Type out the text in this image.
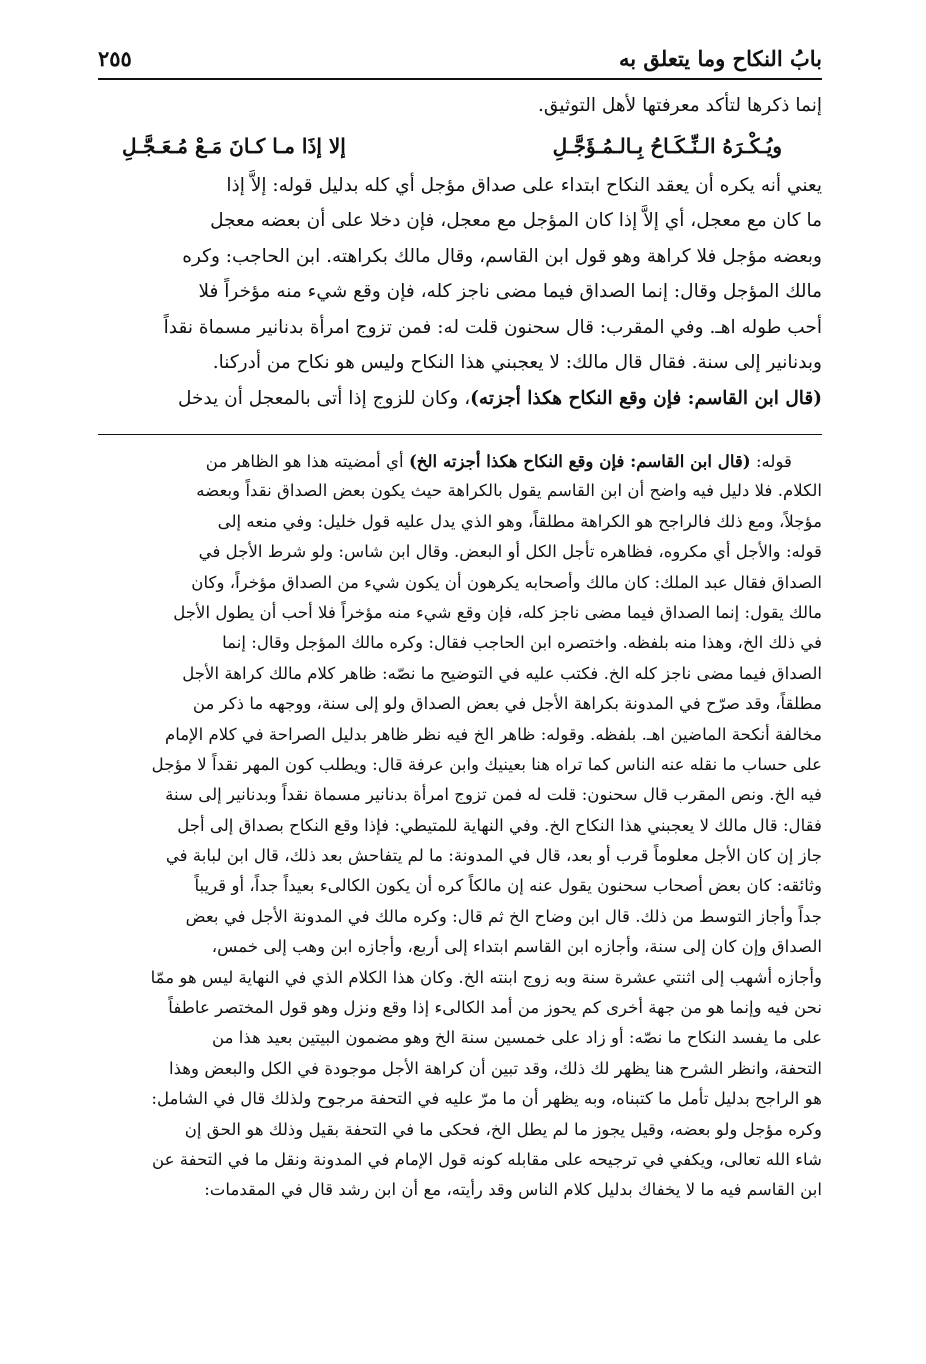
بابُ النكاح وما يتعلق به
٢٥٥
إنما ذكرها لتأكد معرفتها لأهل التوثيق.
ويُـكْـرَهُ الـنِّـكَـاحُ بِـالـمُـؤَجَّـلِ
إلا إذَا مـا كـانَ مَـعْ مُـعَـجَّـلِ
يعني أنه يكره أن يعقد النكاح ابتداء على صداق مؤجل أي كله بدليل قوله: إلاَّ إذا
ما كان مع معجل، أي إلاَّ إذا كان المؤجل مع معجل، فإن دخلا على أن بعضه معجل
وبعضه مؤجل فلا كراهة وهو قول ابن القاسم، وقال مالك بكراهته. ابن الحاجب: وكره
مالك المؤجل وقال: إنما الصداق فيما مضى ناجز كله، فإن وقع شيء منه مؤخراً فلا
أحب طوله اهـ. وفي المقرب: قال سحنون قلت له: فمن تزوج امرأة بدنانير مسماة نقداً
وبدنانير إلى سنة. فقال قال مالك: لا يعجبني هذا النكاح وليس هو نكاح من أدركنا.
(قال ابن القاسم: فإن وقع النكاح هكذا أجزته)، وكان للزوج إذا أتى بالمعجل أن يدخل
قوله: (قال ابن القاسم: فإن وقع النكاح هكذا أجزته الخ) أي أمضيته هذا هو الظاهر من
الكلام. فلا دليل فيه واضح أن ابن القاسم يقول بالكراهة حيث يكون بعض الصداق نقداً وبعضه
مؤجلاً، ومع ذلك فالراجح هو الكراهة مطلقاً، وهو الذي يدل عليه قول خليل: وفي منعه إلى
قوله: والأجل أي مكروه، فظاهره تأجل الكل أو البعض. وقال ابن شاس: ولو شرط الأجل في
الصداق فقال عبد الملك: كان مالك وأصحابه يكرهون أن يكون شيء من الصداق مؤخراً، وكان
مالك يقول: إنما الصداق فيما مضى ناجز كله، فإن وقع شيء منه مؤخراً فلا أحب أن يطول الأجل
في ذلك الخ، وهذا منه بلفظه. واختصره ابن الحاجب فقال: وكره مالك المؤجل وقال: إنما
الصداق فيما مضى ناجز كله الخ. فكتب عليه في التوضيح ما نصّه: ظاهر كلام مالك كراهة الأجل
مطلقاً، وقد صرّح في المدونة بكراهة الأجل في بعض الصداق ولو إلى سنة، ووجهه ما ذكر من
مخالفة أنكحة الماضين اهـ. بلفظه. وقوله: ظاهر الخ فيه نظر ظاهر بدليل الصراحة في كلام الإمام
على حساب ما نقله عنه الناس كما تراه هنا بعينيك وابن عرفة قال: ويطلب كون المهر نقداً لا مؤجل
فيه الخ. ونص المقرب قال سحنون: قلت له فمن تزوج امرأة بدنانير مسماة نقداً وبدنانير إلى سنة
فقال: قال مالك لا يعجبني هذا النكاح الخ. وفي النهاية للمتيطي: فإذا وقع النكاح بصداق إلى أجل
جاز إن كان الأجل معلوماً قرب أو بعد، قال في المدونة: ما لم يتفاحش بعد ذلك، قال ابن لبابة في
وثائقه: كان بعض أصحاب سحنون يقول عنه إن مالكاً كره أن يكون الكالىء بعيداً جداً، أو قريباً
جداً وأجاز التوسط من ذلك. قال ابن وضاح الخ ثم قال: وكره مالك في المدونة الأجل في بعض
الصداق وإن كان إلى سنة، وأجازه ابن القاسم ابتداء إلى أربع، وأجازه ابن وهب إلى خمس،
وأجازه أشهب إلى اثنتي عشرة سنة وبه زوج ابنته الخ. وكان هذا الكلام الذي في النهاية ليس هو ممّا
نحن فيه وإنما هو من جهة أخرى كم يحوز من أمد الكالىء إذا وقع ونزل وهو قول المختصر عاطفاً
على ما يفسد النكاح ما نصّه: أو زاد على خمسين سنة الخ وهو مضمون البيتين بعيد هذا من
التحفة، وانظر الشرح هنا يظهر لك ذلك، وقد تبين أن كراهة الأجل موجودة في الكل والبعض وهذا
هو الراجح بدليل تأمل ما كتبناه، وبه يظهر أن ما مرّ عليه في التحفة مرجوح ولذلك قال في الشامل:
وكره مؤجل ولو بعضه، وقيل يجوز ما لم يطل الخ، فحكى ما في التحفة بقيل وذلك هو الحق إن
شاء الله تعالى، ويكفي في ترجيحه على مقابله كونه قول الإمام في المدونة ونقل ما في التحفة عن
ابن القاسم فيه ما لا يخفاك بدليل كلام الناس وقد رأيته، مع أن ابن رشد قال في المقدمات:
